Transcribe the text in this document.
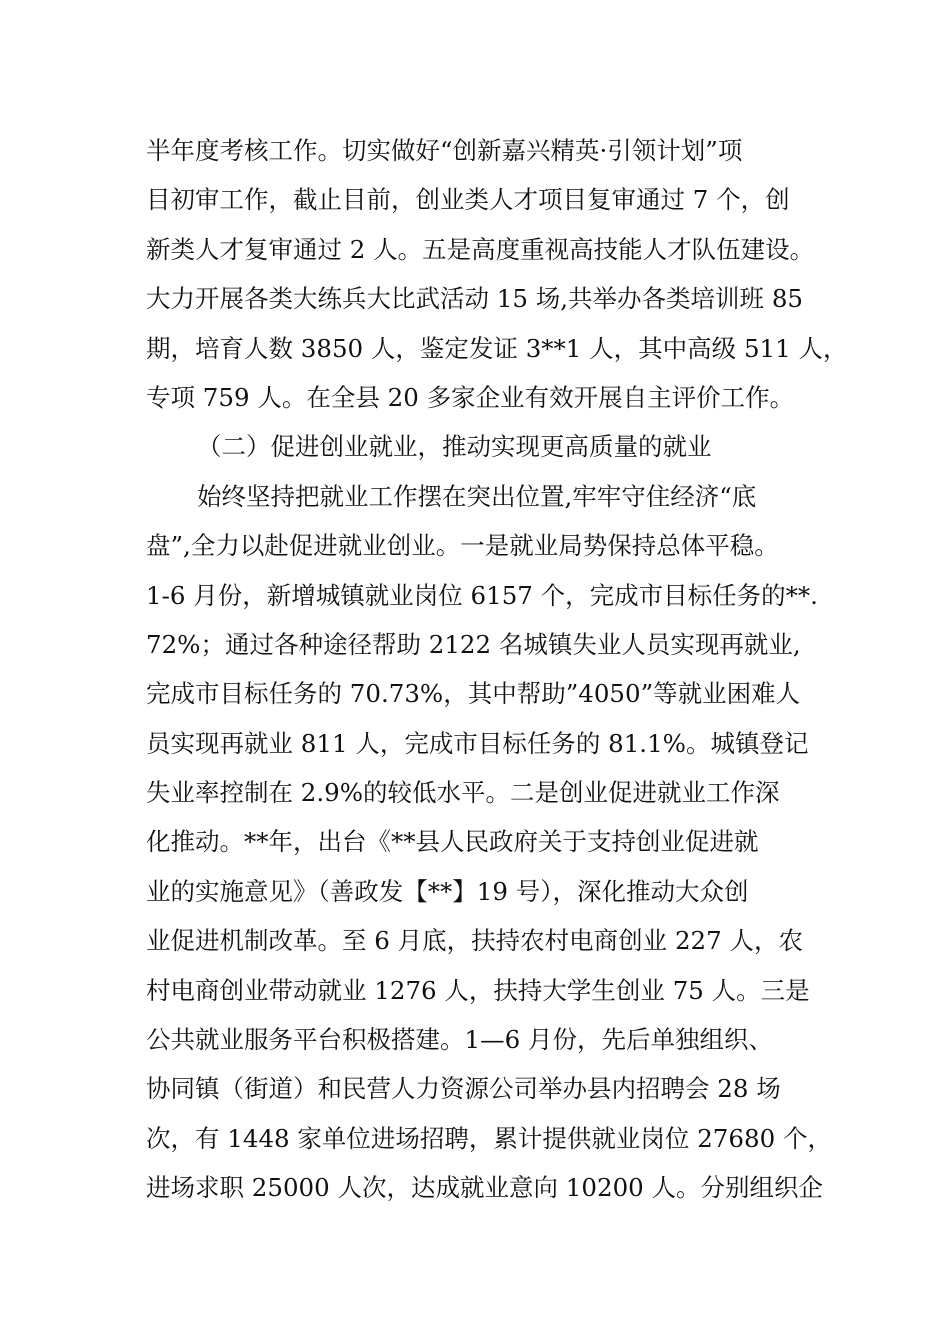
半年度考核工作。切实做好“创新嘉兴精英·引领计划”项
目初审工作，截止目前，创业类人才项目复审通过 7 个，创
新类人才复审通过 2 人。五是高度重视高技能人才队伍建设。
大力开展各类大练兵大比武活动 15 场,共举办各类培训班 85
期，培育人数 3850 人，鉴定发证 3**1 人，其中高级 511 人，
专项 759 人。在全县 20 多家企业有效开展自主评价工作。
（二）促进创业就业，推动实现更高质量的就业
始终坚持把就业工作摆在突出位置,牢牢守住经济“底
盘”,全力以赴促进就业创业。一是就业局势保持总体平稳。
1-6 月份，新增城镇就业岗位 6157 个，完成市目标任务的**.
72%；通过各种途径帮助 2122 名城镇失业人员实现再就业,
完成市目标任务的 70.73%，其中帮助”4050”等就业困难人
员实现再就业 811 人，完成市目标任务的 81.1%。城镇登记
失业率控制在 2.9%的较低水平。二是创业促进就业工作深
化推动。**年，出台《**县人民政府关于支持创业促进就
业的实施意见》（善政发【**】19 号），深化推动大众创
业促进机制改革。至 6 月底，扶持农村电商创业 227 人，农
村电商创业带动就业 1276 人，扶持大学生创业 75 人。三是
公共就业服务平台积极搭建。1—6 月份，先后单独组织、
协同镇（街道）和民营人力资源公司举办县内招聘会 28 场
次，有 1448 家单位进场招聘，累计提供就业岗位 27680 个，
进场求职 25000 人次，达成就业意向 10200 人。分别组织企
